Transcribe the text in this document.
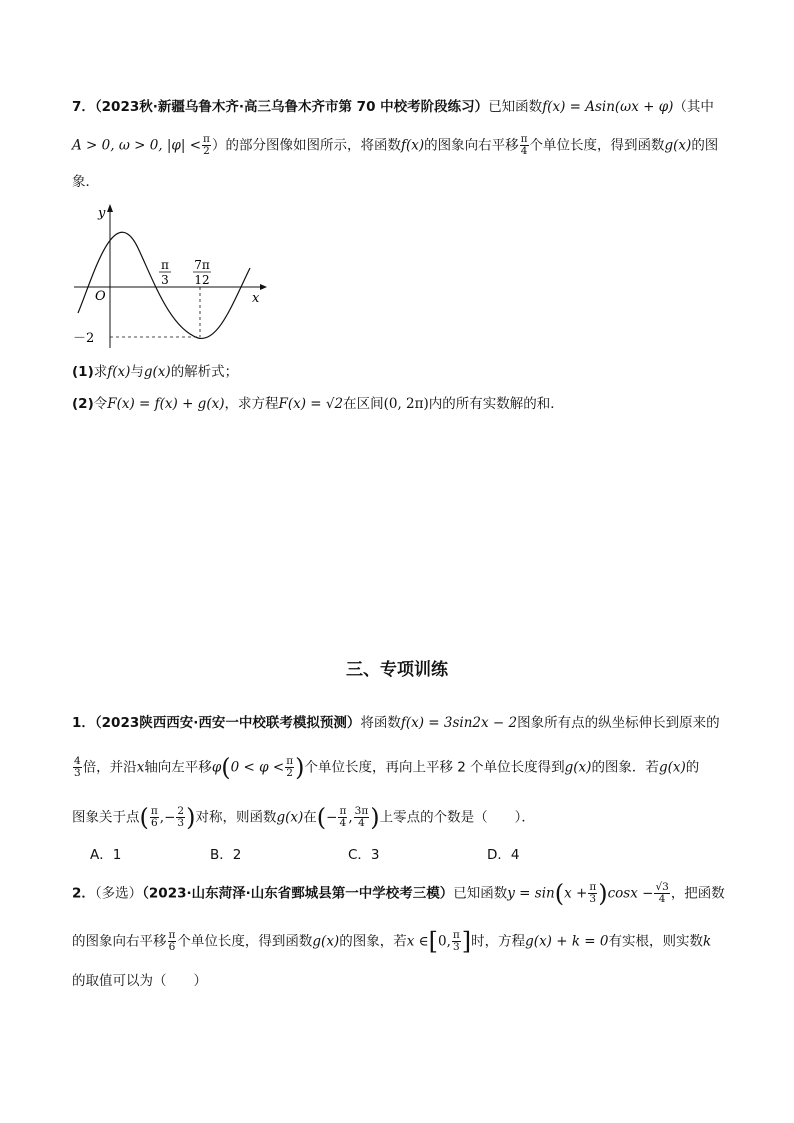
7．（2023秋·新疆乌鲁木齐·高三乌鲁木齐市第 70 中校考阶段练习）已知函数f(x) = Asin(ωx + φ)（其中
A > 0, ω > 0, $|\varphi| < \frac{\pi}{2}$ ）的部分图像如图所示，将函数f(x)的图象向右平移 $\frac{\pi}{4}$ 个单位长度，得到函数g(x)的图
象．
y
x
O
π
3
7π
12
－2
(1)求f(x)与g(x)的解析式；
(2)令F(x) = f(x) + g(x)，求方程F(x) = √2在区间(0, 2π)内的所有实数解的和．
三、专项训练
1．（2023陕西西安·西安一中校联考模拟预测）将函数f(x) = 3sin2x − 2图象所有点的纵坐标伸长到原来的
$\frac{4}{3}$ 倍，并沿x轴向左平移$\varphi(0 < \varphi < \frac{\pi}{2}$ )个单位长度，再向上平移 2 个单位长度得到g(x)的图象．若g(x)的
图象关于点( $\frac{\pi}{6}$ ,− $\frac{2}{3}$ )对称，则函数g(x)在(− $\frac{\pi}{4}$ , $\frac{3\pi}{4}$ )上零点的个数是（　　）．
A．1	B．2	C．3	D．4
2．（多选）（2023·山东菏泽·山东省鄄城县第一中学校考三模）已知函数$y = \sin(x + \frac{\pi}{3} )\cos x - \frac{√3}{4}$ ，把函数
的图象向右平移 $\frac{\pi}{6}$ 个单位长度，得到函数g(x)的图象，若x ∈[0, $\frac{\pi}{3}$ ]时，方程g(x) + k = 0有实根，则实数k
的取值可以为（　　）
